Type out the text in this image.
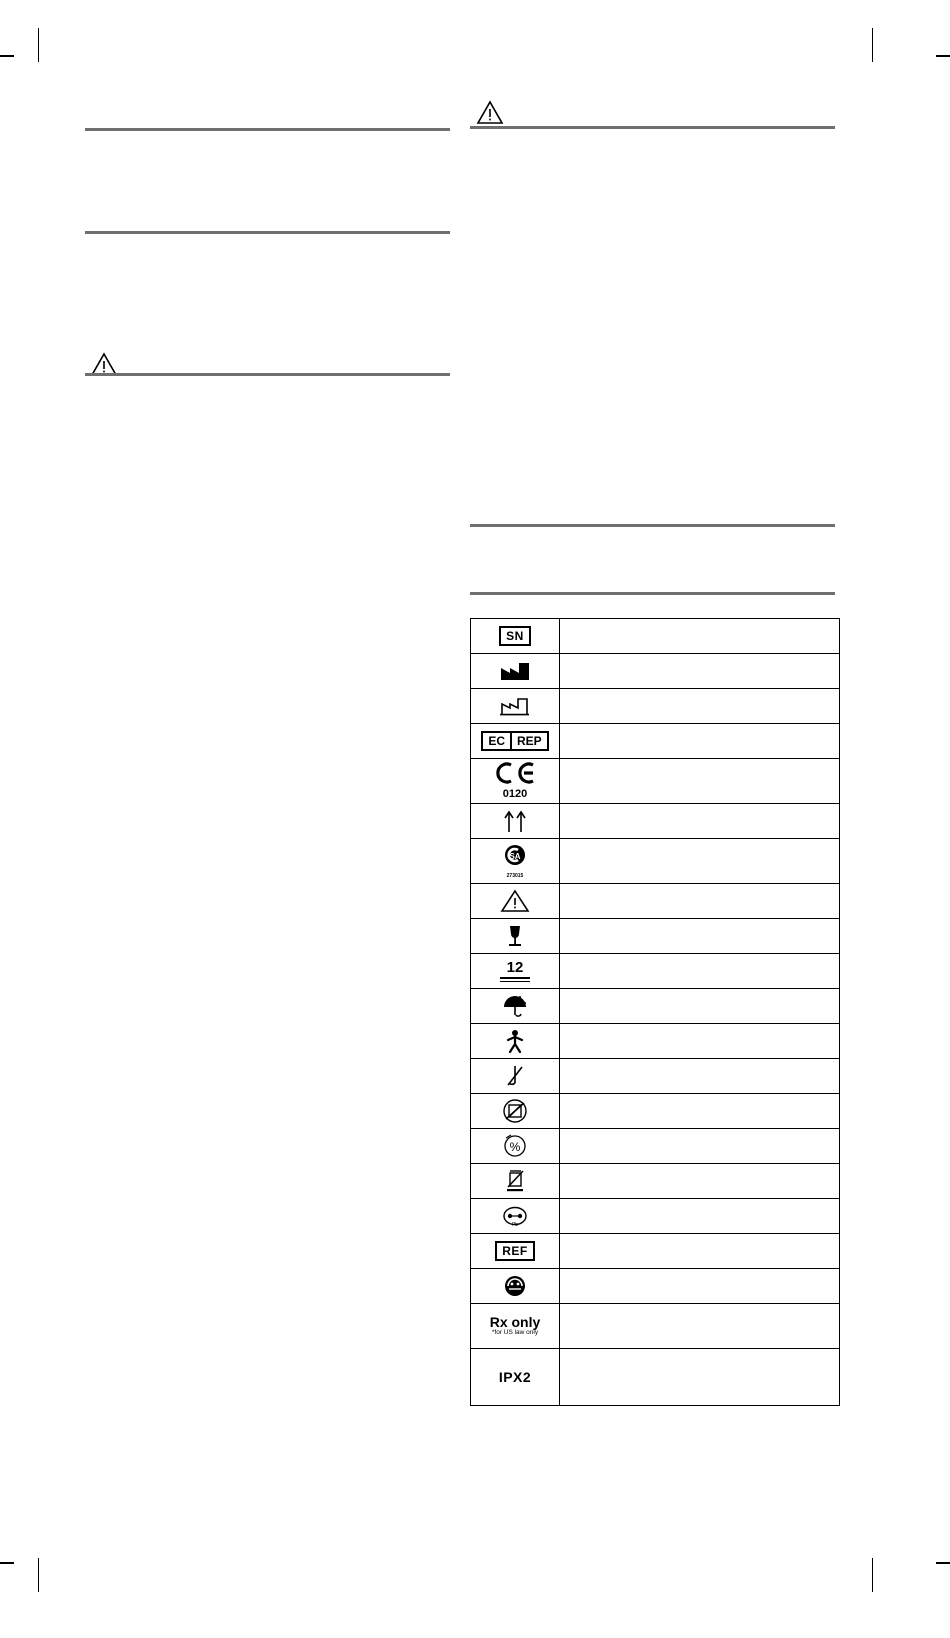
SN	

EC REP	

0120	

SA
273015	

12	

%	

Pb	

REF	

Rx only
*for US law only	

IPX2	
